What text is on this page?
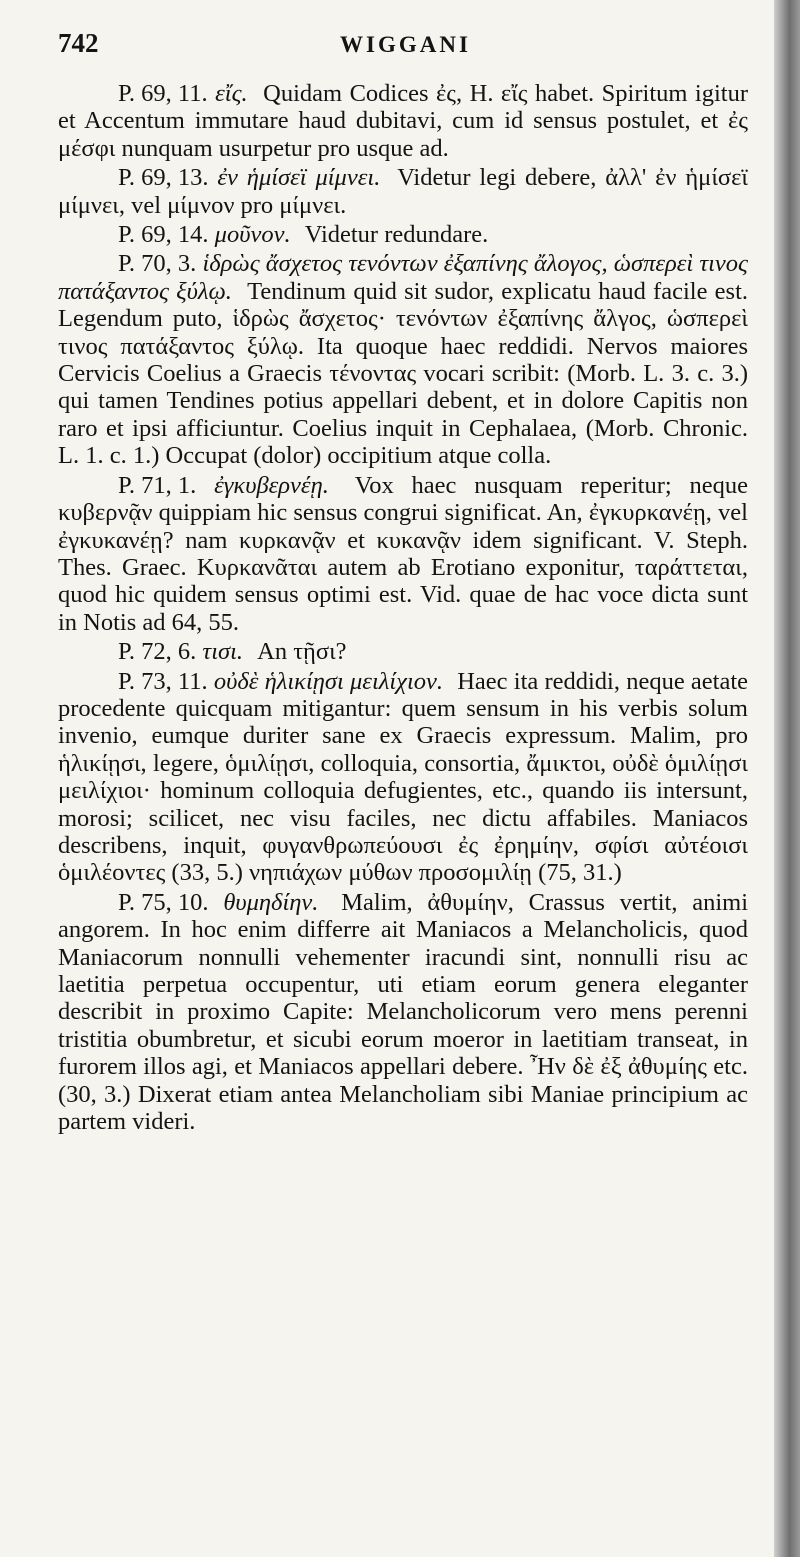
742	WIGGANI

P. 69, 11. εἴς. Quidam Codices ἐς, H. εἴς habet. Spiritum igitur et Accentum immutare haud dubitavi, cum id sensus postulet, et ἐς μέσφι nunquam usurpetur pro usque ad.

P. 69, 13. ἐν ἡμίσεϊ μίμνει. Videtur legi debere, ἀλλ' ἐν ἡμίσεϊ μίμνει, vel μίμνον pro μίμνει.

P. 69, 14. μοῦνον. Videtur redundare.

P. 70, 3. ἱδρὼς ἄσχετος τενόντων ἐξαπίνης ἄλογος, ὡσπερεὶ τινος πατάξαντος ξύλῳ. Tendinum quid sit sudor, explicatu haud facile est. Legendum puto, ἱδρὼς ἄσχετος· τενόντων ἐξαπίνης ἄλγος, ὡσπερεὶ τινος πατάξαντος ξύλῳ. Ita quoque haec reddidi. Nervos maiores Cervicis Coelius a Graecis τένοντας vocari scribit: (Morb. L. 3. c. 3.) qui tamen Tendines potius appellari debent, et in dolore Capitis non raro et ipsi afficiuntur. Coelius inquit in Cephalaea, (Morb. Chronic. L. 1. c. 1.) Occupat (dolor) occipitium atque colla.

P. 71, 1. ἐγκυβερνέῃ. Vox haec nusquam reperitur; neque κυβερνᾷν quippiam hic sensus congrui significat. An, ἐγκυρκανέῃ, vel ἐγκυκανέῃ? nam κυρκανᾷν et κυκανᾷν idem significant. V. Steph. Thes. Graec. Κυρκανᾶται autem ab Erotiano exponitur, ταράττεται, quod hic quidem sensus optimi est. Vid. quae de hac voce dicta sunt in Notis ad 64, 55.

P. 72, 6. τισι. An τῇσι?

P. 73, 11. οὐδὲ ἡλικίῃσι μειλίχιον. Haec ita reddidi, neque aetate procedente quicquam mitigantur: quem sensum in his verbis solum invenio, eumque duriter sane ex Graecis expressum. Malim, pro ἡλικίῃσι, legere, ὁμιλίῃσι, colloquia, consortia, ἄμικτοι, οὐδὲ ὁμιλίῃσι μειλίχιοι· hominum colloquia defugientes, etc., quando iis intersunt, morosi; scilicet, nec visu faciles, nec dictu affabiles. Maniacos describens, inquit, φυγανθρωπεύουσι ἐς ἐρημίην, σφίσι αὐτέοισι ὁμιλέοντες (33, 5.) νηπιάχων μύθων προσομιλίῃ (75, 31.)

P. 75, 10. θυμηδίην. Malim, ἀθυμίην, Crassus vertit, animi angorem. In hoc enim differre ait Maniacos a Melancholicis, quod Maniacorum nonnulli vehementer iracundi sint, nonnulli risu ac laetitia perpetua occupentur, uti etiam eorum genera eleganter describit in proximo Capite: Melancholicorum vero mens perenni tristitia obumbretur, et sicubi eorum moeror in laetitiam transeat, in furorem illos agi, et Maniacos appellari debere. Ἦν δὲ ἐξ ἀθυμίης etc. (30, 3.) Dixerat etiam antea Melancholiam sibi Maniae principium ac partem videri.
